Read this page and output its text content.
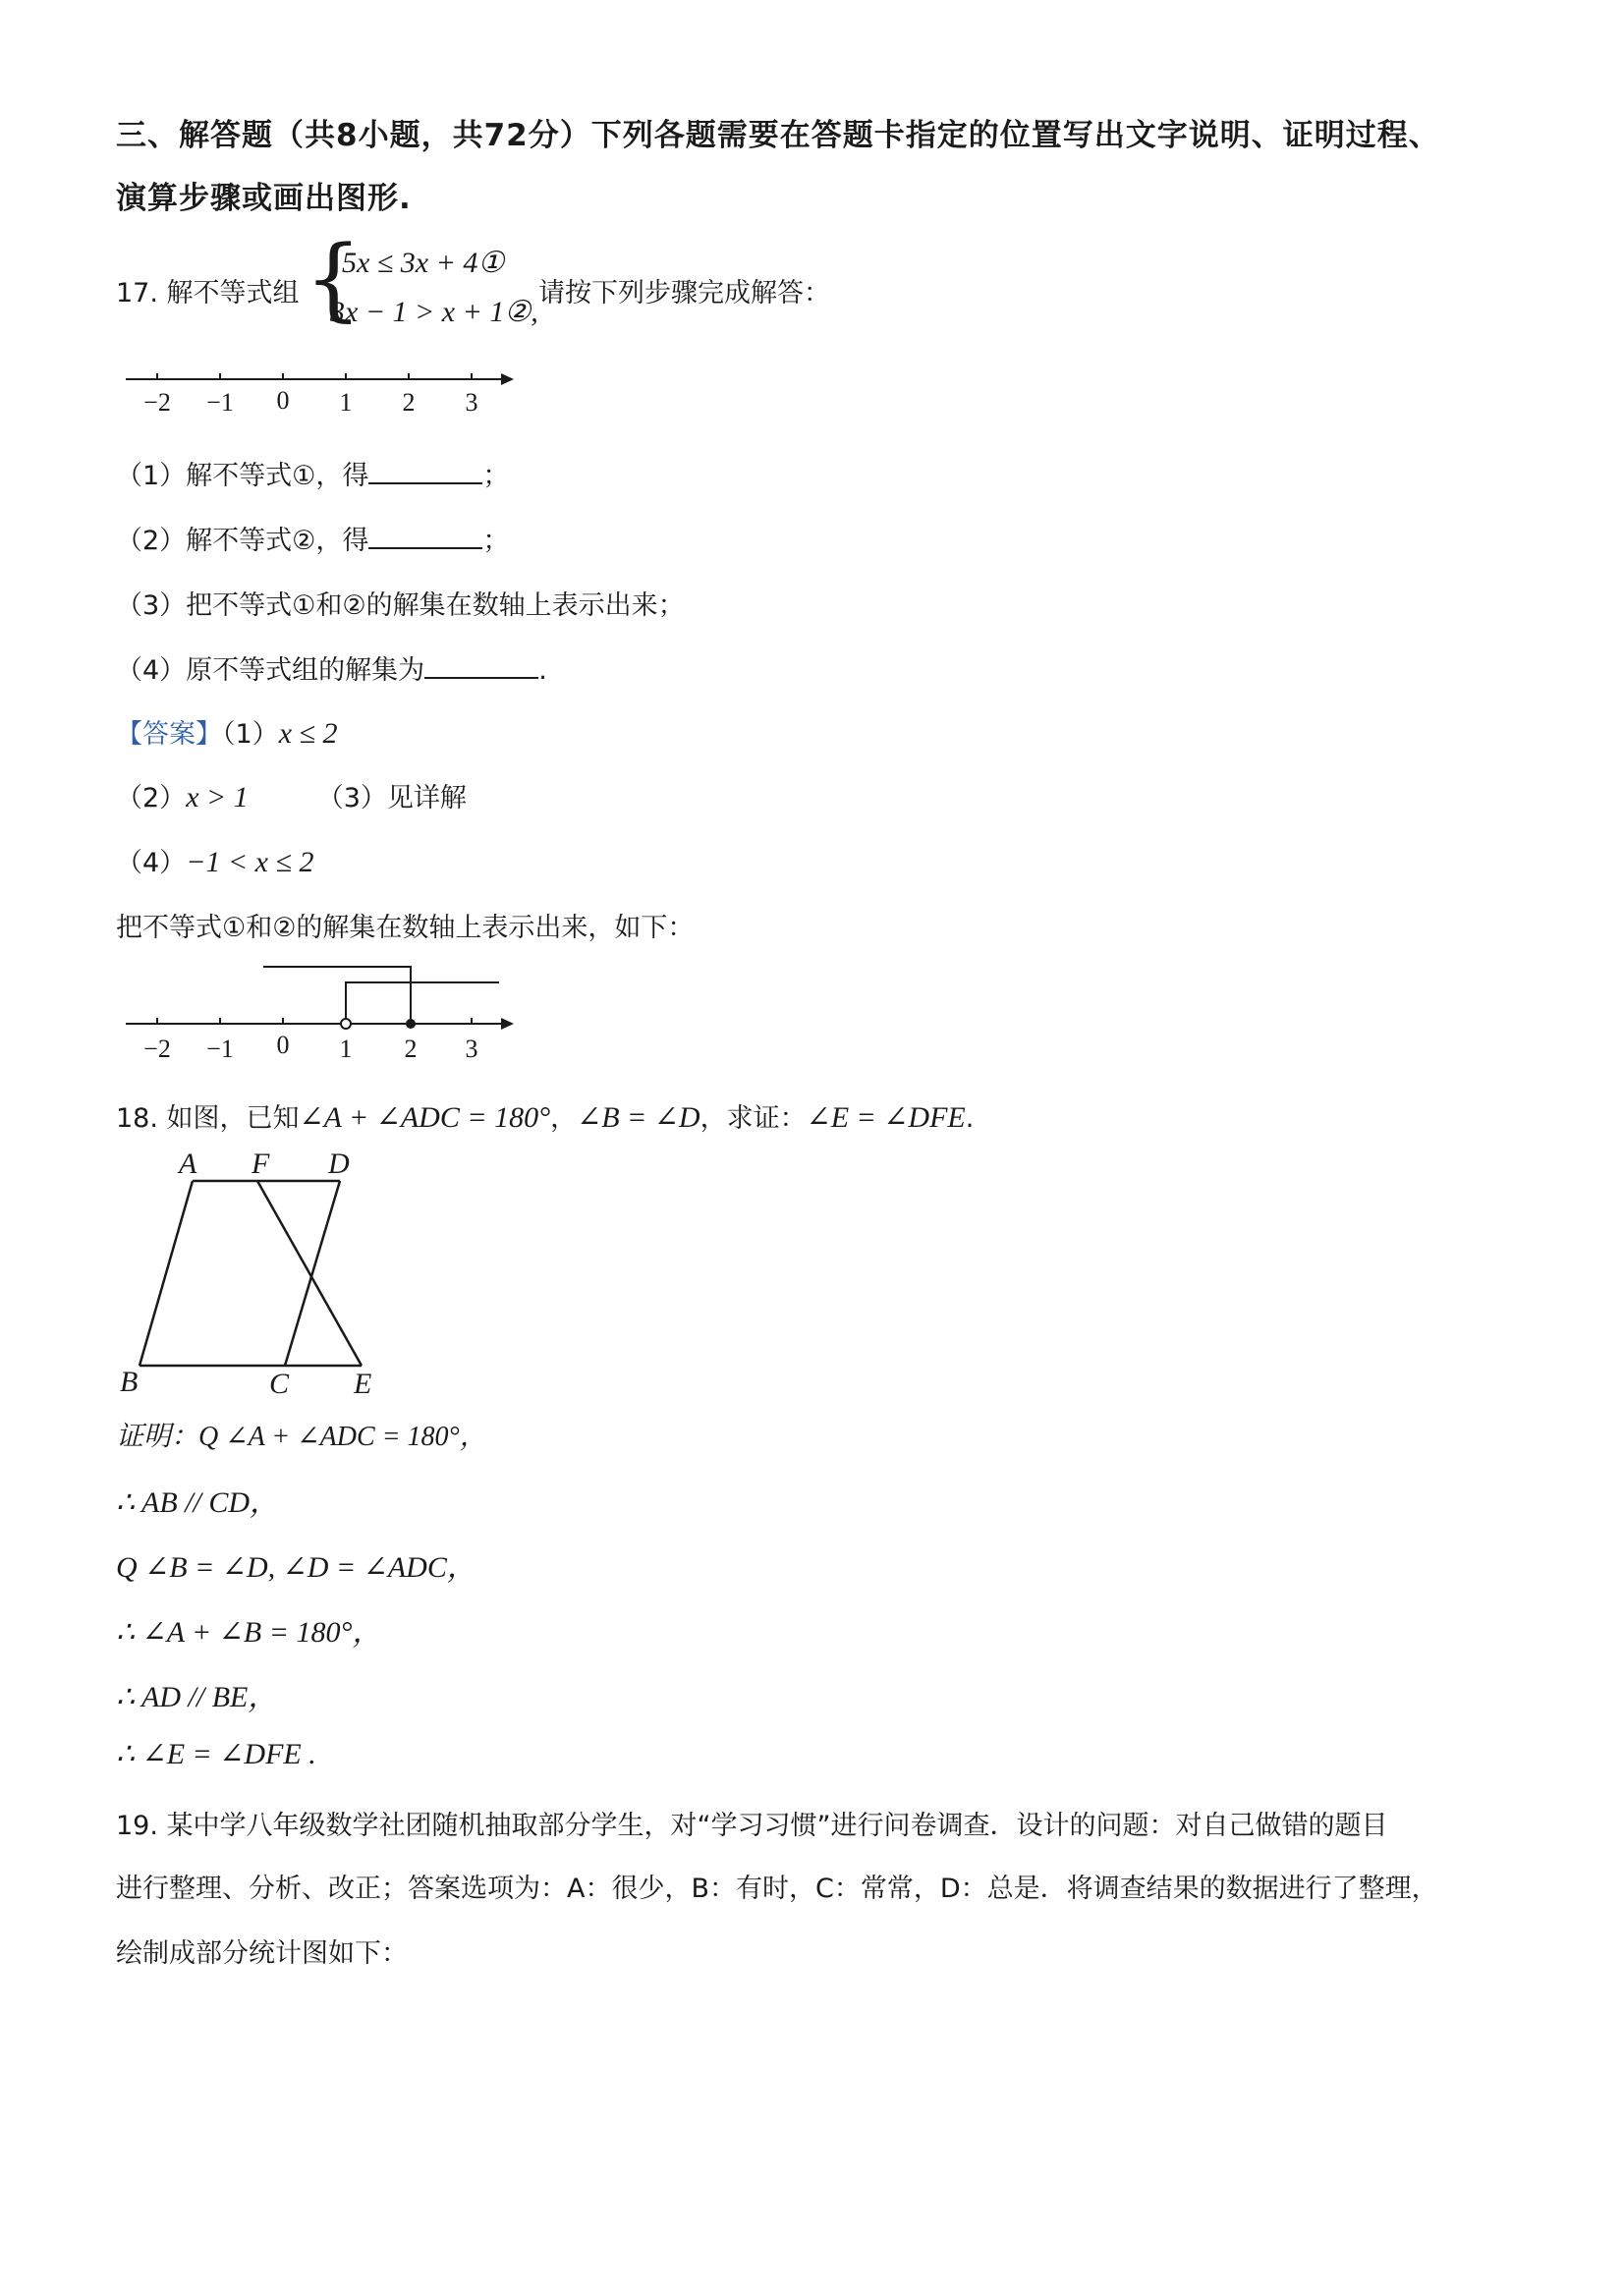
三、解答题（共8小题，共72分）下列各题需要在答题卡指定的位置写出文字说明、证明过程、
演算步骤或画出图形.
17. 解不等式组 {
5x ≤ 3x + 4①
3x − 1 > x + 1②,
请按下列步骤完成解答：
−2 −1 0 1 2 3
（1）解不等式①，得	；
（2）解不等式②，得	；
（3）把不等式①和②的解集在数轴上表示出来；
（4）原不等式组的解集为	.
【答案】（1）x ≤ 2
（2）x > 1	（3）见详解
（4）−1 < x ≤ 2
把不等式①和②的解集在数轴上表示出来，如下：
−2 −1 0 1 2 3
18. 如图，已知∠A + ∠ADC = 180°，∠B = ∠D，求证：∠E = ∠DFE.
A F D
B	C E
证明：Q ∠A + ∠ADC = 180°，
∴ AB // CD，
Q ∠B = ∠D, ∠D = ∠ADC，
∴ ∠A + ∠B = 180°，
∴ AD // BE，
∴ ∠E = ∠DFE .
19. 某中学八年级数学社团随机抽取部分学生，对“学习习惯”进行问卷调查．设计的问题：对自己做错的题目
进行整理、分析、改正；答案选项为：A：很少，B：有时，C：常常，D：总是．将调查结果的数据进行了整理，
绘制成部分统计图如下：
